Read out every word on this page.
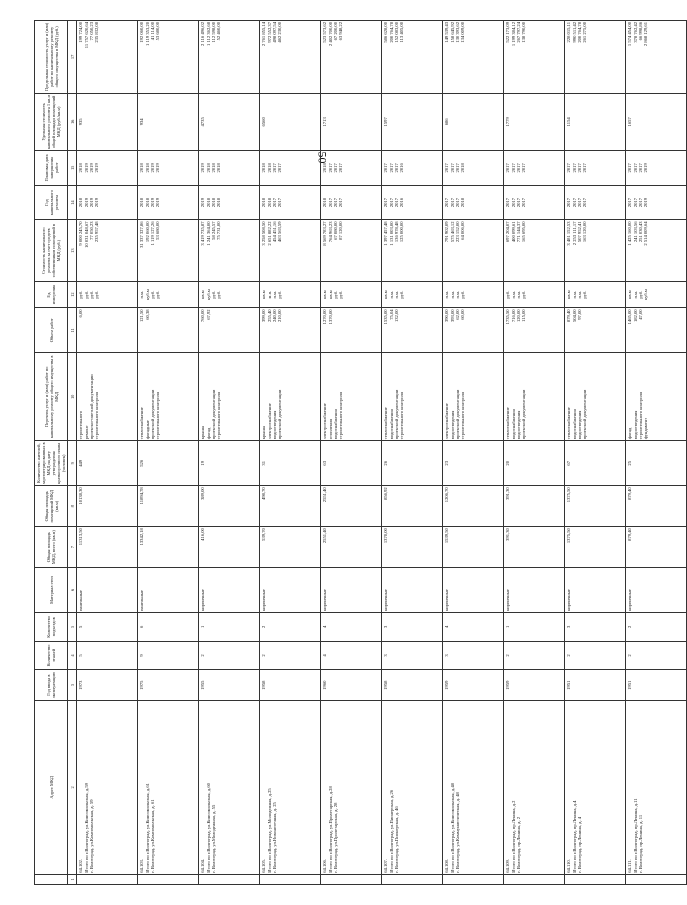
50
	Адрес МКД	Год ввода в эксплуатацию	Количество этажей	Количество подъездов	Материал стен	Общая площадь МКД, всего (кв.м)	Общая площадь помещений МКД (кв.м)	Количество жителей, зарегистрированных в МКД на дату утверждения краткосрочного плана (человек)	Перечень услуг и (или) работ по капитальному ремонту общего имущества в МКД	Объем работ	Ед. измерения	Стоимость капитального ремонта за счет средств собственников помещений в МКД (руб.)	Год капитального ремонта	Плановая дата завершения работ	Удельная стоимость капитального ремонта 1 кв.м общей площади помещений МКД (руб./кв.м)	Предельная стоимость услуг и (или) работ по капитальному ремонту общего имущества в МКД (руб.)
1	2	3	4	5	6	7	8	9	10	11	12	13	14	15	16	17

	64.102. Итого по г.Волгоград, ул.Комсомольская, д.59 г. Волгоград, ул.Комсомольская, д. 59	1973	5	5	панельные	11313,50	10138,30	449	строительного ремонт проектно-сметной документации строительного контроля	6,00	руб. руб. руб. руб.	9 000 245,70 10 031 048,67 77 050,23 235 957,48	2018 2019 2019 2019	2018 2019 2019 2019	935	199 724,00 11 757 620,64 77 050,23 235 832,08

	64.103. Итого по г.Волгоград, ул.Комсомольская, д.61 г. Волгоград, ул.Комсомольская, д. 61	1975	9	6	панельные	13342,18	11894,78	526	теплоснабжение фасадные проектной документации строительного контроля	121,50 60,38	п.м. куб.м руб. руб.	31 337 327,86 192 060,00 1 119 127,26 53 680,00	2018 2018 2019 2019	2018 2018 2019 2019	934	192 060,00 1 119 353,20 41 114,00 53 680,00

	64.104. Итого по г.Волгоград, ул.Комсомольская, д.60 г. Волгоград, ул.Молодежная, д. 55	1955	2	1	кирпичные	416,00	389,00	19	крыша фасад проектной документации строительного контроля	760,00 67,92	кв.м куб.м руб. руб.	3 419 735,87 1 241 364,00 58 245,57 75 731,00	2019 2018 2018 2018	2019 2018 2018 2018	4735	2 116 496,02 1 112 362,68 112 598,00 52 460,00

	64.105. Итого по г.Волгоград, ул.Молодежная, д.25 г. Волгоград, ул.Новоаптечная, д. 25	1958	2	2	кирпичные	539,70	498,70	31	крыша электроснабжение водоотведения проектной документации	399,00 255,40 240,00 210,00	кв.м м.п. п.м. руб.	3 258 508,50 2 651 882,22 454 451,16 463 563,59	2018 2018 2017 2017	2018 2018 2017 2017	6560	2 761 855,14 972 552,37 498 097,54 462 230,00

	64.106. Итого по г.Волгоград, ул.Пролетарская, д.28 г. Волгоград, ул.Пролетарская, д. 28	1960	4	4	кирпичные	2551,40	2551,40	63	электроснабжение отопления водоснабжения строительного контроля	1270,00 1370,00	кв.м кв.м руб. руб.	8 569 783,27 764 963,23 67 080,00 87 120,00	2018 2017 2017 2017	2018 2017 2017 2017	1713	523 573,62 2 402 700,00 67 200,00 63 948,22

	64.107. Итого по г.Волгоград, ул.Пионерская, д.26 г. Волгоград, ул.Пионерская, д. 46	1958	3	3	кирпичные	1370,00	856,92	26	теплоснабжение водоснабжения проектной документации строительного контроля	1535,00 75,04 132,00	кв.м п.м. п.м. руб.	1 397 457,48 1 131 003,00 136 978,48 125 000,00	2017 2017 2017 2016	2017 2017 2017 2016	1597	586 628,00 200 764,78 152 083,00 113 405,00

	64.108. Итого по г.Волгоград, ул.Комсомольская, д.48 г. Волгоград, ул.Коммунистическая, д. 48	1959	3	4	кирпичные	1539,50	1206,70	23	электроснабжение водоотведения проектной документации строительного контроля	390,00 393,00 62,00 60,00	п.м. п.м. п.м. руб.	791 902,09 575 463,12 223 152,00 64 006,00	2017 2017 2017 2018	2017 2017 2017 2018	686	149 539,43 158 645,92 130 393,62 134 009,00

	64.109. Итого по г.Волгоград, пр.Ленина, д.2 г. Волгоград, пр.Ленина, д. 2	1959	2	1	кирпичные	391,30	391,30	20	теплоснабжение водоснабжения водоотведения проектной документации	1735,50 716,00 120,00 115,00	руб. п.м. п.м. руб.	697 204,07 400 099,61 771 144,37 165 695,00	2017 2017 2017 2017	2017 2017 2017 2017	1779	522 173,09 1 199 384,12 267 797,24 138 790,00

	64.110. Итого по г.Волгоград, пр.Ленина, д.4 г. Волгоград, пр.Ленина, д. 4	1951	2	3	кирпичные	1375,50	1375,50	67	теплоснабжение водоснабжения водоотведения проектной документации	879,40 504,00 97,00	кв.м п.м. п.м. руб.	3 481 152,53 2 253 111,17 507 952,41 163 120,00	2017 2017 2017 2017	2017 2017 2017 2017	1154	228 015,11 990 511,42 200 764,78 261 275,00

	64.111. Итого по г.Волгоград, пр.Ленина, д.11 г. Волгоград, пр.Ленина, д. 11	1951	2	2	кирпичные	879,40	879,40	25	фасад водоотведения строительного контроля фундамент	1465,00 182,00 47,00	кв.м п.м. руб. куб.м	1 425 160,00 241 103,56 251 030,43 2 514 009,64	2017 2017 2017 2019	2017 2017 2017 2019	1657	1 574 454,00 378 762,42 66 998,86 2 868 129,61
